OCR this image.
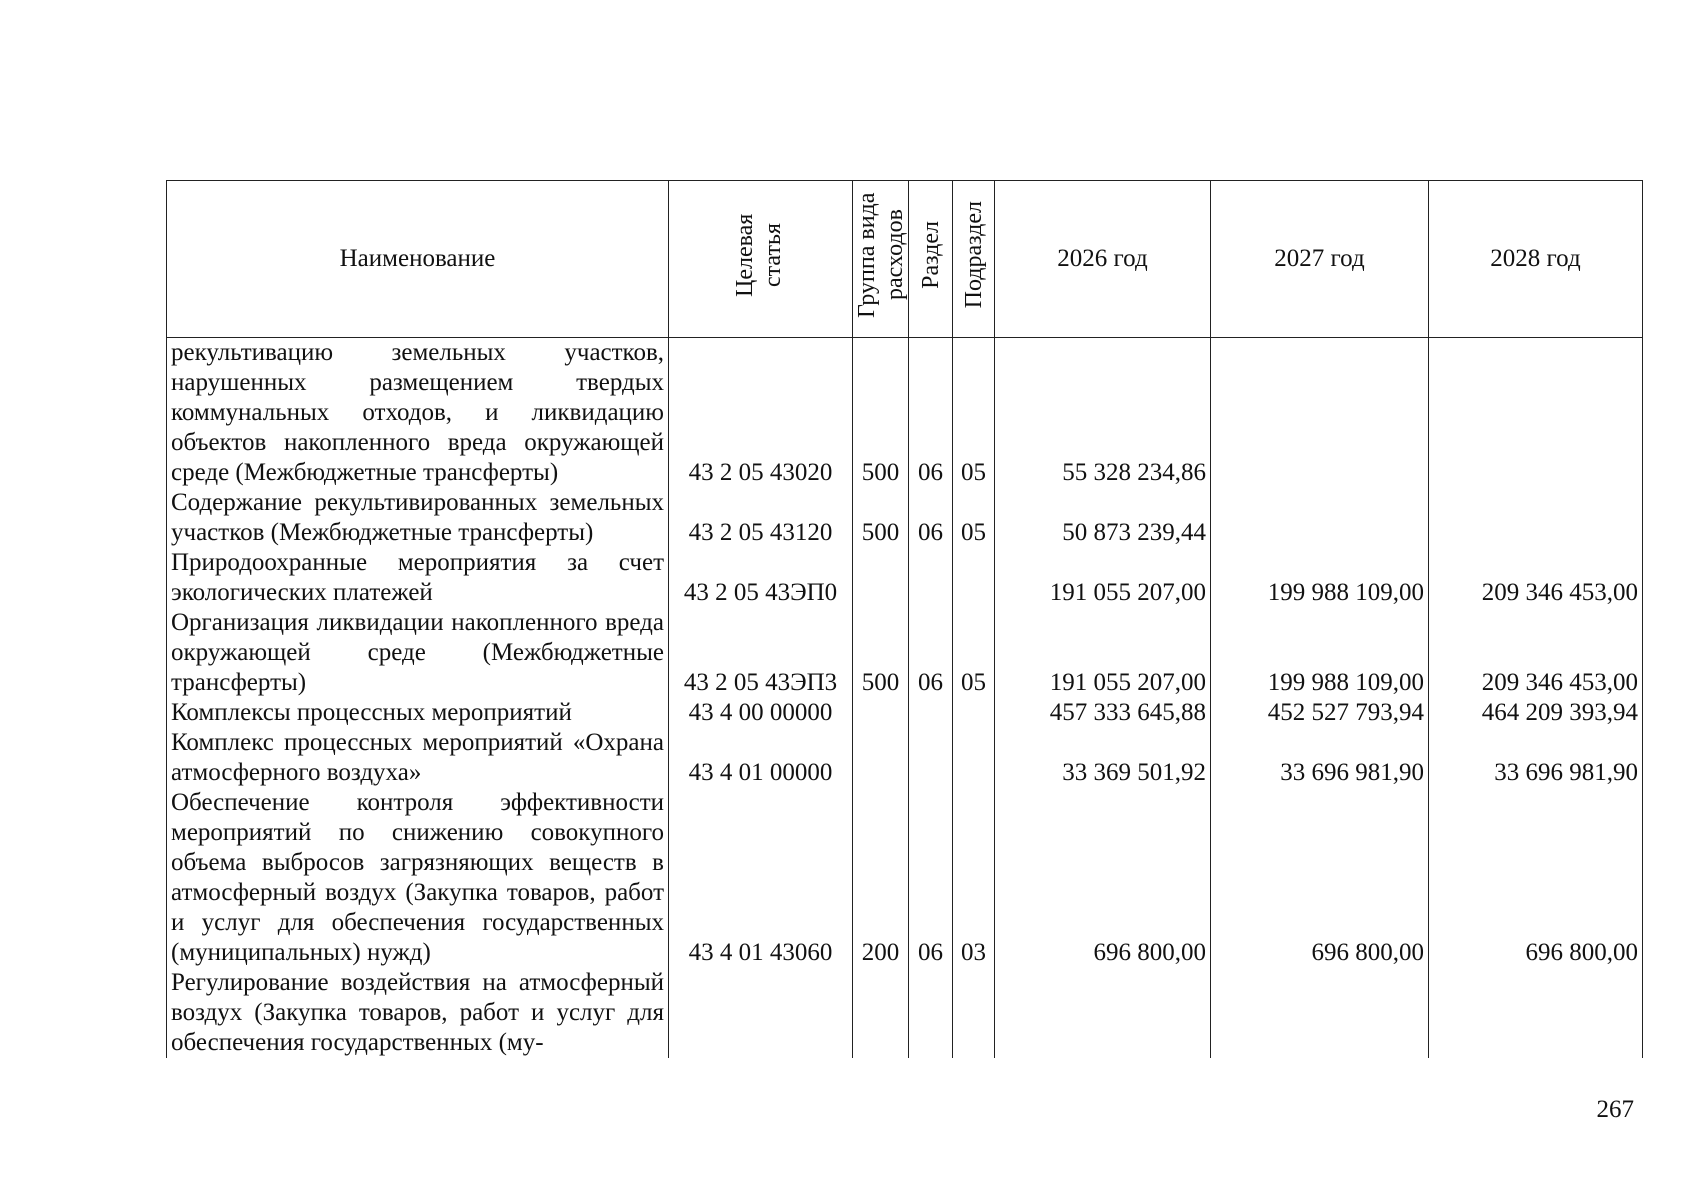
Наименование	Целевая статья	Группа вида расходов	Раздел	Подраздел	2026 год	2027 год	2028 год
рекультивацию земельных участков, нарушенных размещением твердых коммунальных отходов, и ликвидацию объектов накопленного вреда окружающей среде (Межбюджетные трансферты)	43 2 05 43020	500	06	05	55 328 234,86		
Содержание рекультивированных земельных участков (Межбюджетные трансферты)	43 2 05 43120	500	06	05	50 873 239,44		
Природоохранные мероприятия за счет экологических платежей	43 2 05 43ЭП0				191 055 207,00	199 988 109,00	209 346 453,00
Организация ликвидации накопленного вреда окружающей среде (Межбюджетные трансферты)	43 2 05 43ЭП3	500	06	05	191 055 207,00	199 988 109,00	209 346 453,00
Комплексы процессных мероприятий	43 4 00 00000				457 333 645,88	452 527 793,94	464 209 393,94
Комплекс процессных мероприятий «Охрана атмосферного воздуха»	43 4 01 00000				33 369 501,92	33 696 981,90	33 696 981,90
Обеспечение контроля эффективности мероприятий по снижению совокупного объема выбросов загрязняющих веществ в атмосферный воздух (Закупка товаров, работ и услуг для обеспечения государственных (муниципальных) нужд)	43 4 01 43060	200	06	03	696 800,00	696 800,00	696 800,00
Регулирование воздействия на атмосферный воздух (Закупка товаров, работ и услуг для обеспечения государственных (му-							
267
